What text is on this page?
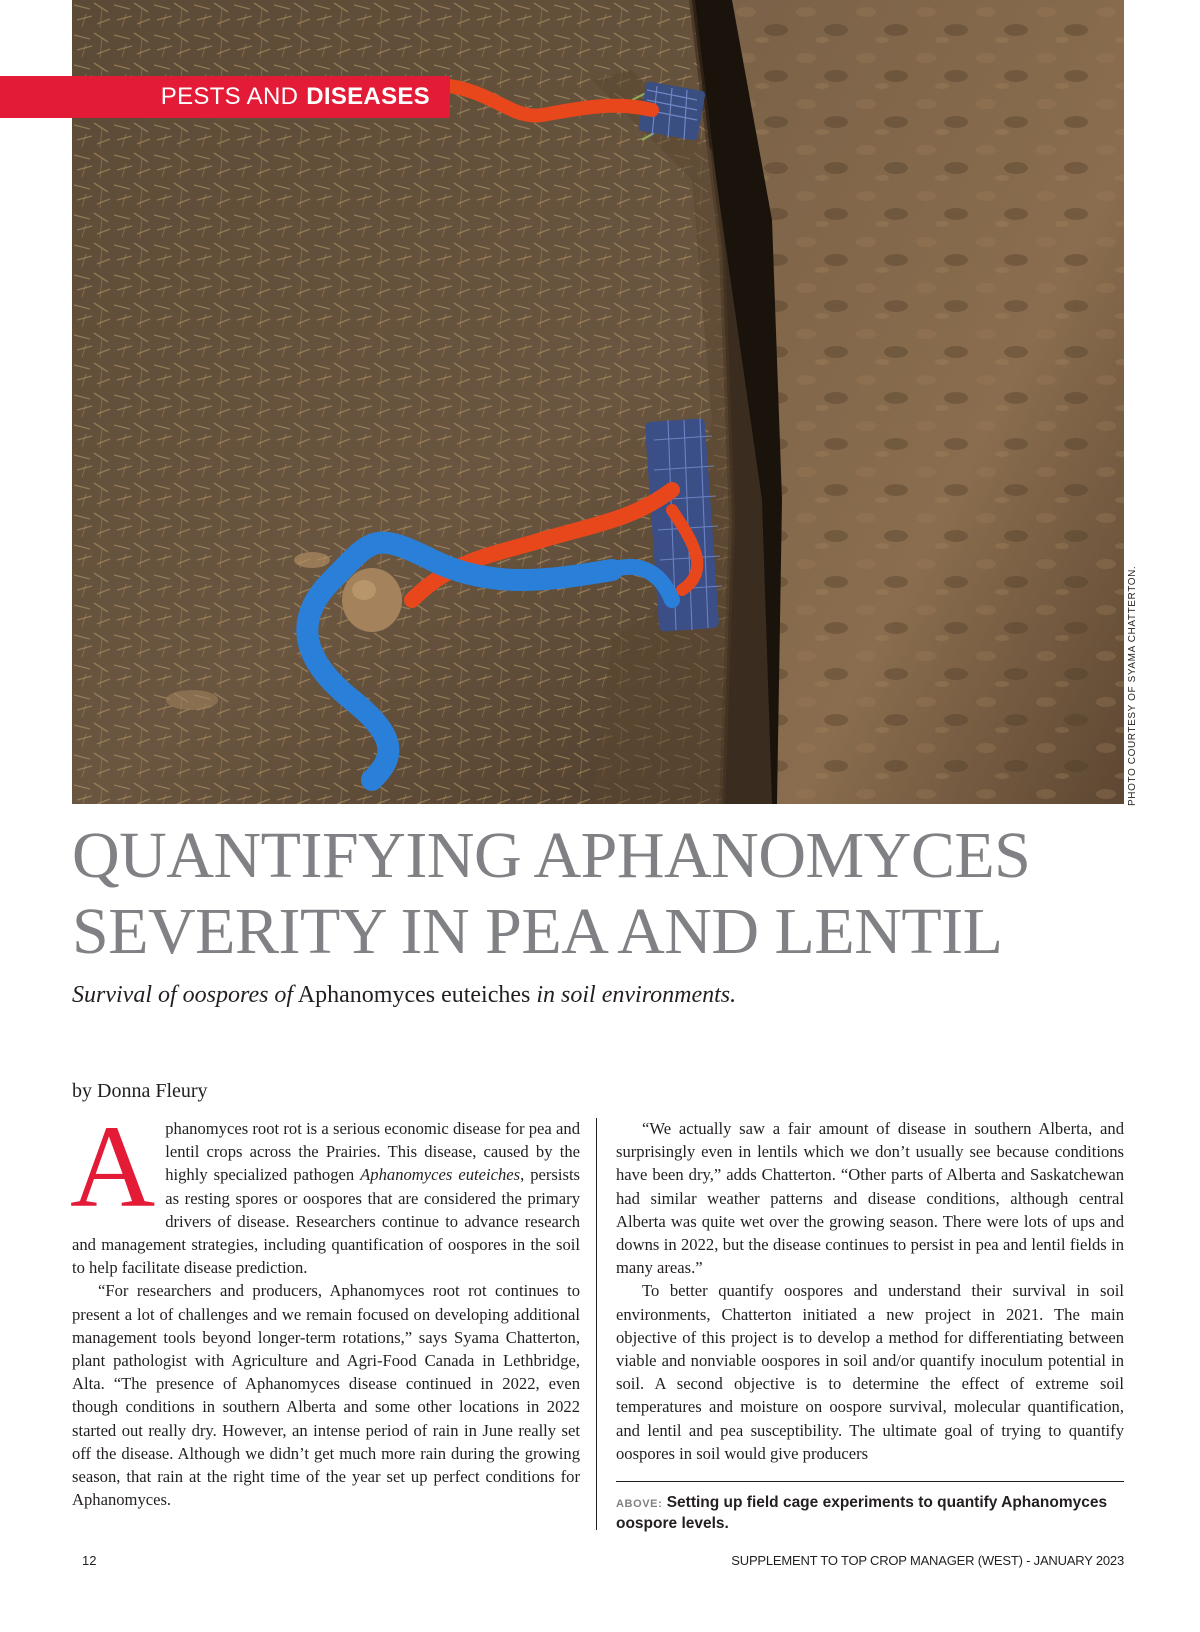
PESTS AND DISEASES
PHOTO COURTESY OF SYAMA CHATTERTON.
QUANTIFYING APHANOMYCES
SEVERITY IN PEA AND LENTIL

Survival of oospores of Aphanomyces euteiches in soil environments.

by Donna Fleury

Aphanomyces root rot is a serious economic disease for pea and lentil crops across the Prairies. This disease, caused by the highly specialized pathogen Aphanomyces euteiches, persists as resting spores or oospores that are considered the primary drivers of disease. Researchers continue to advance research and management strategies, including quantification of oospores in the soil to help facilitate disease prediction.

“For researchers and producers, Aphanomyces root rot continues to present a lot of challenges and we remain focused on developing additional management tools beyond longer-term rotations,” says Syama Chatterton, plant pathologist with Agriculture and Agri-Food Canada in Lethbridge, Alta. “The presence of Aphanomyces disease continued in 2022, even though conditions in southern Alberta and some other locations in 2022 started out really dry. However, an intense period of rain in June really set off the disease. Although we didn’t get much more rain during the growing season, that rain at the right time of the year set up perfect conditions for Aphanomyces.

“We actually saw a fair amount of disease in southern Alberta, and surprisingly even in lentils which we don’t usually see because conditions have been dry,” adds Chatterton. “Other parts of Alberta and Saskatchewan had similar weather patterns and disease conditions, although central Alberta was quite wet over the growing season. There were lots of ups and downs in 2022, but the disease continues to persist in pea and lentil fields in many areas.”

To better quantify oospores and understand their survival in soil environments, Chatterton initiated a new project in 2021. The main objective of this project is to develop a method for differentiating between viable and nonviable oospores in soil and/or quantify inoculum potential in soil. A second objective is to determine the effect of extreme soil temperatures and moisture on oospore survival, molecular quantification, and lentil and pea susceptibility. The ultimate goal of trying to quantify oospores in soil would give producers

ABOVE: Setting up field cage experiments to quantify Aphanomyces oospore levels.

12	SUPPLEMENT TO TOP CROP MANAGER (WEST) - JANUARY 2023
